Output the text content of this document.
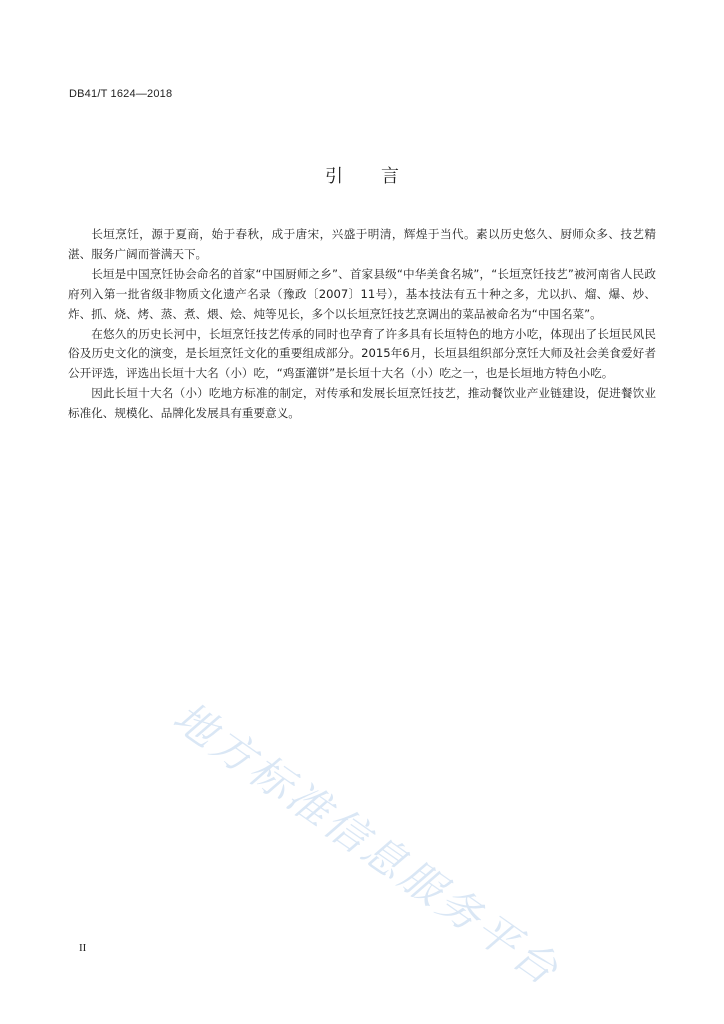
DB41/T 1624—2018
引 言

长垣烹饪，源于夏商，始于春秋，成于唐宋，兴盛于明清，辉煌于当代。素以历史悠久、厨师众多、技艺精湛、服务广阔而誉满天下。

长垣是中国烹饪协会命名的首家“中国厨师之乡”、首家县级“中华美食名城”，“长垣烹饪技艺”被河南省人民政府列入第一批省级非物质文化遗产名录（豫政〔2007〕11号），基本技法有五十种之多，尤以扒、熘、爆、炒、炸、抓、烧、烤、蒸、煮、煨、烩、炖等见长，多个以长垣烹饪技艺烹调出的菜品被命名为“中国名菜”。

在悠久的历史长河中，长垣烹饪技艺传承的同时也孕育了许多具有长垣特色的地方小吃，体现出了长垣民风民俗及历史文化的演变，是长垣烹饪文化的重要组成部分。2015年6月，长垣县组织部分烹饪大师及社会美食爱好者公开评选，评选出长垣十大名（小）吃，“鸡蛋灌饼”是长垣十大名（小）吃之一，也是长垣地方特色小吃。

因此长垣十大名（小）吃地方标准的制定，对传承和发展长垣烹饪技艺，推动餐饮业产业链建设，促进餐饮业标准化、规模化、品牌化发展具有重要意义。

地方标准信息服务平台
II
